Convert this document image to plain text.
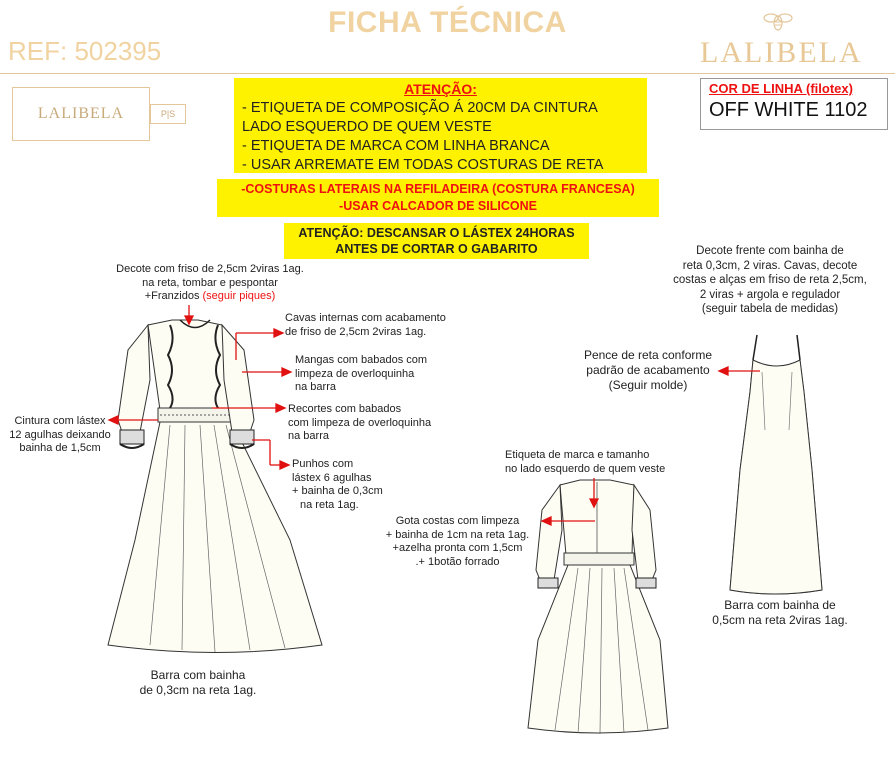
FICHA TÉCNICA
REF: 502395	LALIBELA
LALIBELA	P|S
ATENÇÃO:
- ETIQUETA DE COMPOSIÇÃO Á 20CM DA CINTURA
LADO ESQUERDO DE QUEM VESTE
- ETIQUETA DE MARCA COM LINHA BRANCA
- USAR ARREMATE EM TODAS COSTURAS DE RETA
COR DE LINHA (filotex)
OFF WHITE 1102
-COSTURAS LATERAIS NA REFILADEIRA (COSTURA FRANCESA)
-USAR CALCADOR DE SILICONE
ATENÇÃO: DESCANSAR O LÁSTEX 24HORAS
ANTES DE CORTAR O GABARITO
Decote com friso de 2,5cm 2viras 1ag.
na reta, tombar e pespontar
+Franzidos (seguir piques)
Cavas internas com acabamento
de friso de 2,5cm 2viras 1ag.
Mangas com babados com
limpeza de overloquinha
na barra
Cintura com lástex
12 agulhas deixando
bainha de 1,5cm
Recortes com babados
com limpeza de overloquinha
na barra
Punhos com
lástex 6 agulhas
+ bainha de 0,3cm
na reta 1ag.
Barra com bainha
de 0,3cm na reta 1ag.
Etiqueta de marca e tamanho
no lado esquerdo de quem veste
Gota costas com limpeza
+ bainha de 1cm na reta 1ag.
+azelha pronta com 1,5cm
.+ 1botão forrado
Decote frente com bainha de
reta 0,3cm, 2 viras. Cavas, decote
costas e alças em friso de reta 2,5cm,
2 viras + argola e regulador
(seguir tabela de medidas)
Pence de reta conforme
padrão de acabamento
(Seguir molde)
Barra com bainha de
0,5cm na reta 2viras 1ag.
